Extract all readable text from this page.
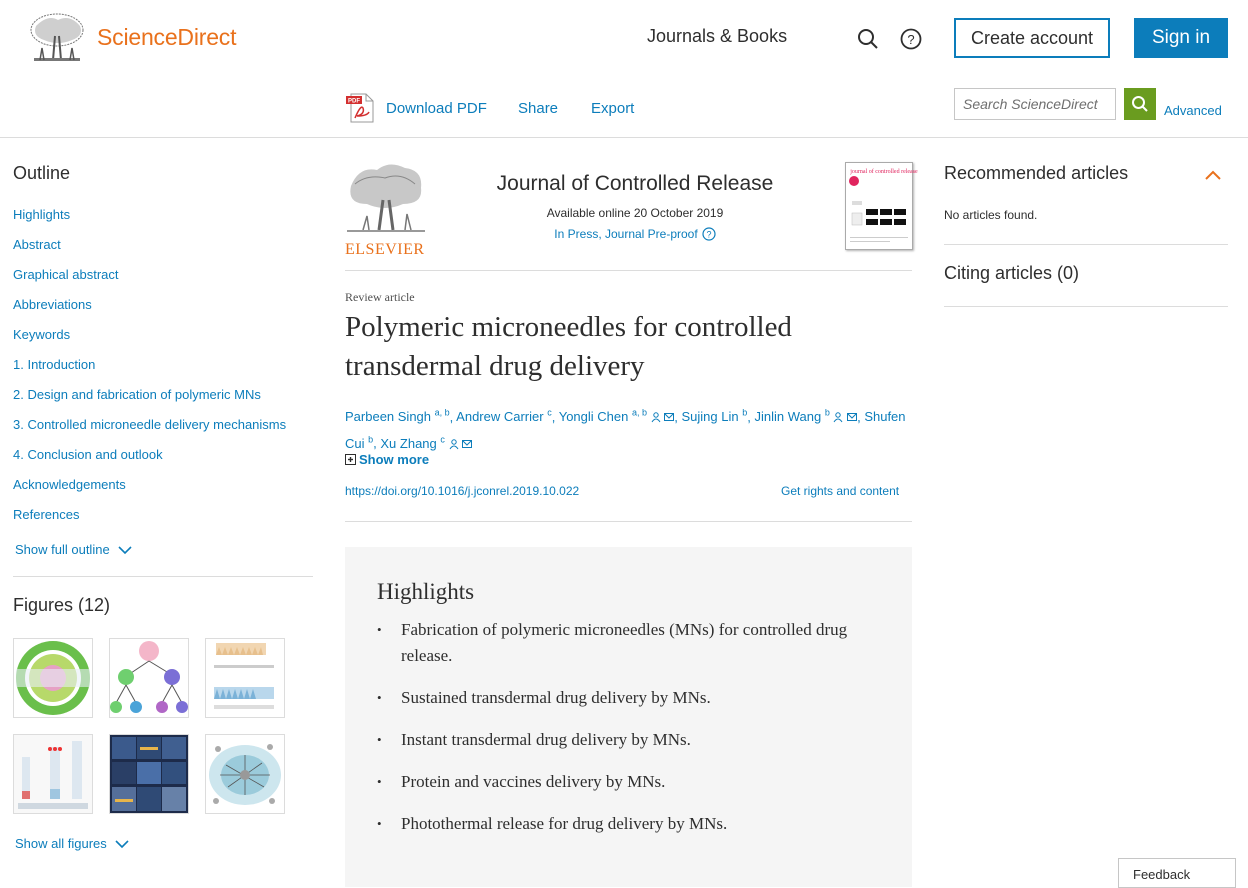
ScienceDirect	Journals & Books	?	Create account	Sign in
PDF Download PDF Share Export
Search ScienceDirect	Advanced
Outline
Highlights
Abstract
Graphical abstract
Abbreviations
Keywords
1. Introduction
2. Design and fabrication of polymeric MNs
3. Controlled microneedle delivery mechanisms
4. Conclusion and outlook
Acknowledgements
References
Show full outline
Figures (12)
Show all figures
ELSEVIER
Journal of Controlled Release
Available online 20 October 2019
In Press, Journal Pre-proof ?
journal of controlled release
Review article
Polymeric microneedles for controlled transdermal drug delivery
Parbeen Singh $^{a, b}$, Andrew Carrier $^c$, Yongli Chen $^{a, b}$ , Sujing Lin $^b$, Jinlin Wang $^b$ , Shufen Cui $^b$, Xu Zhang $^c$
Show more
https://doi.org/10.1016/j.jconrel.2019.10.022	Get rights and content
Highlights
• Fabrication of polymeric microneedles (MNs) for controlled drug release.
• Sustained transdermal drug delivery by MNs.
• Instant transdermal drug delivery by MNs.
• Protein and vaccines delivery by MNs.
• Photothermal release for drug delivery by MNs.
Recommended articles
No articles found.
Citing articles (0)
Feedback
